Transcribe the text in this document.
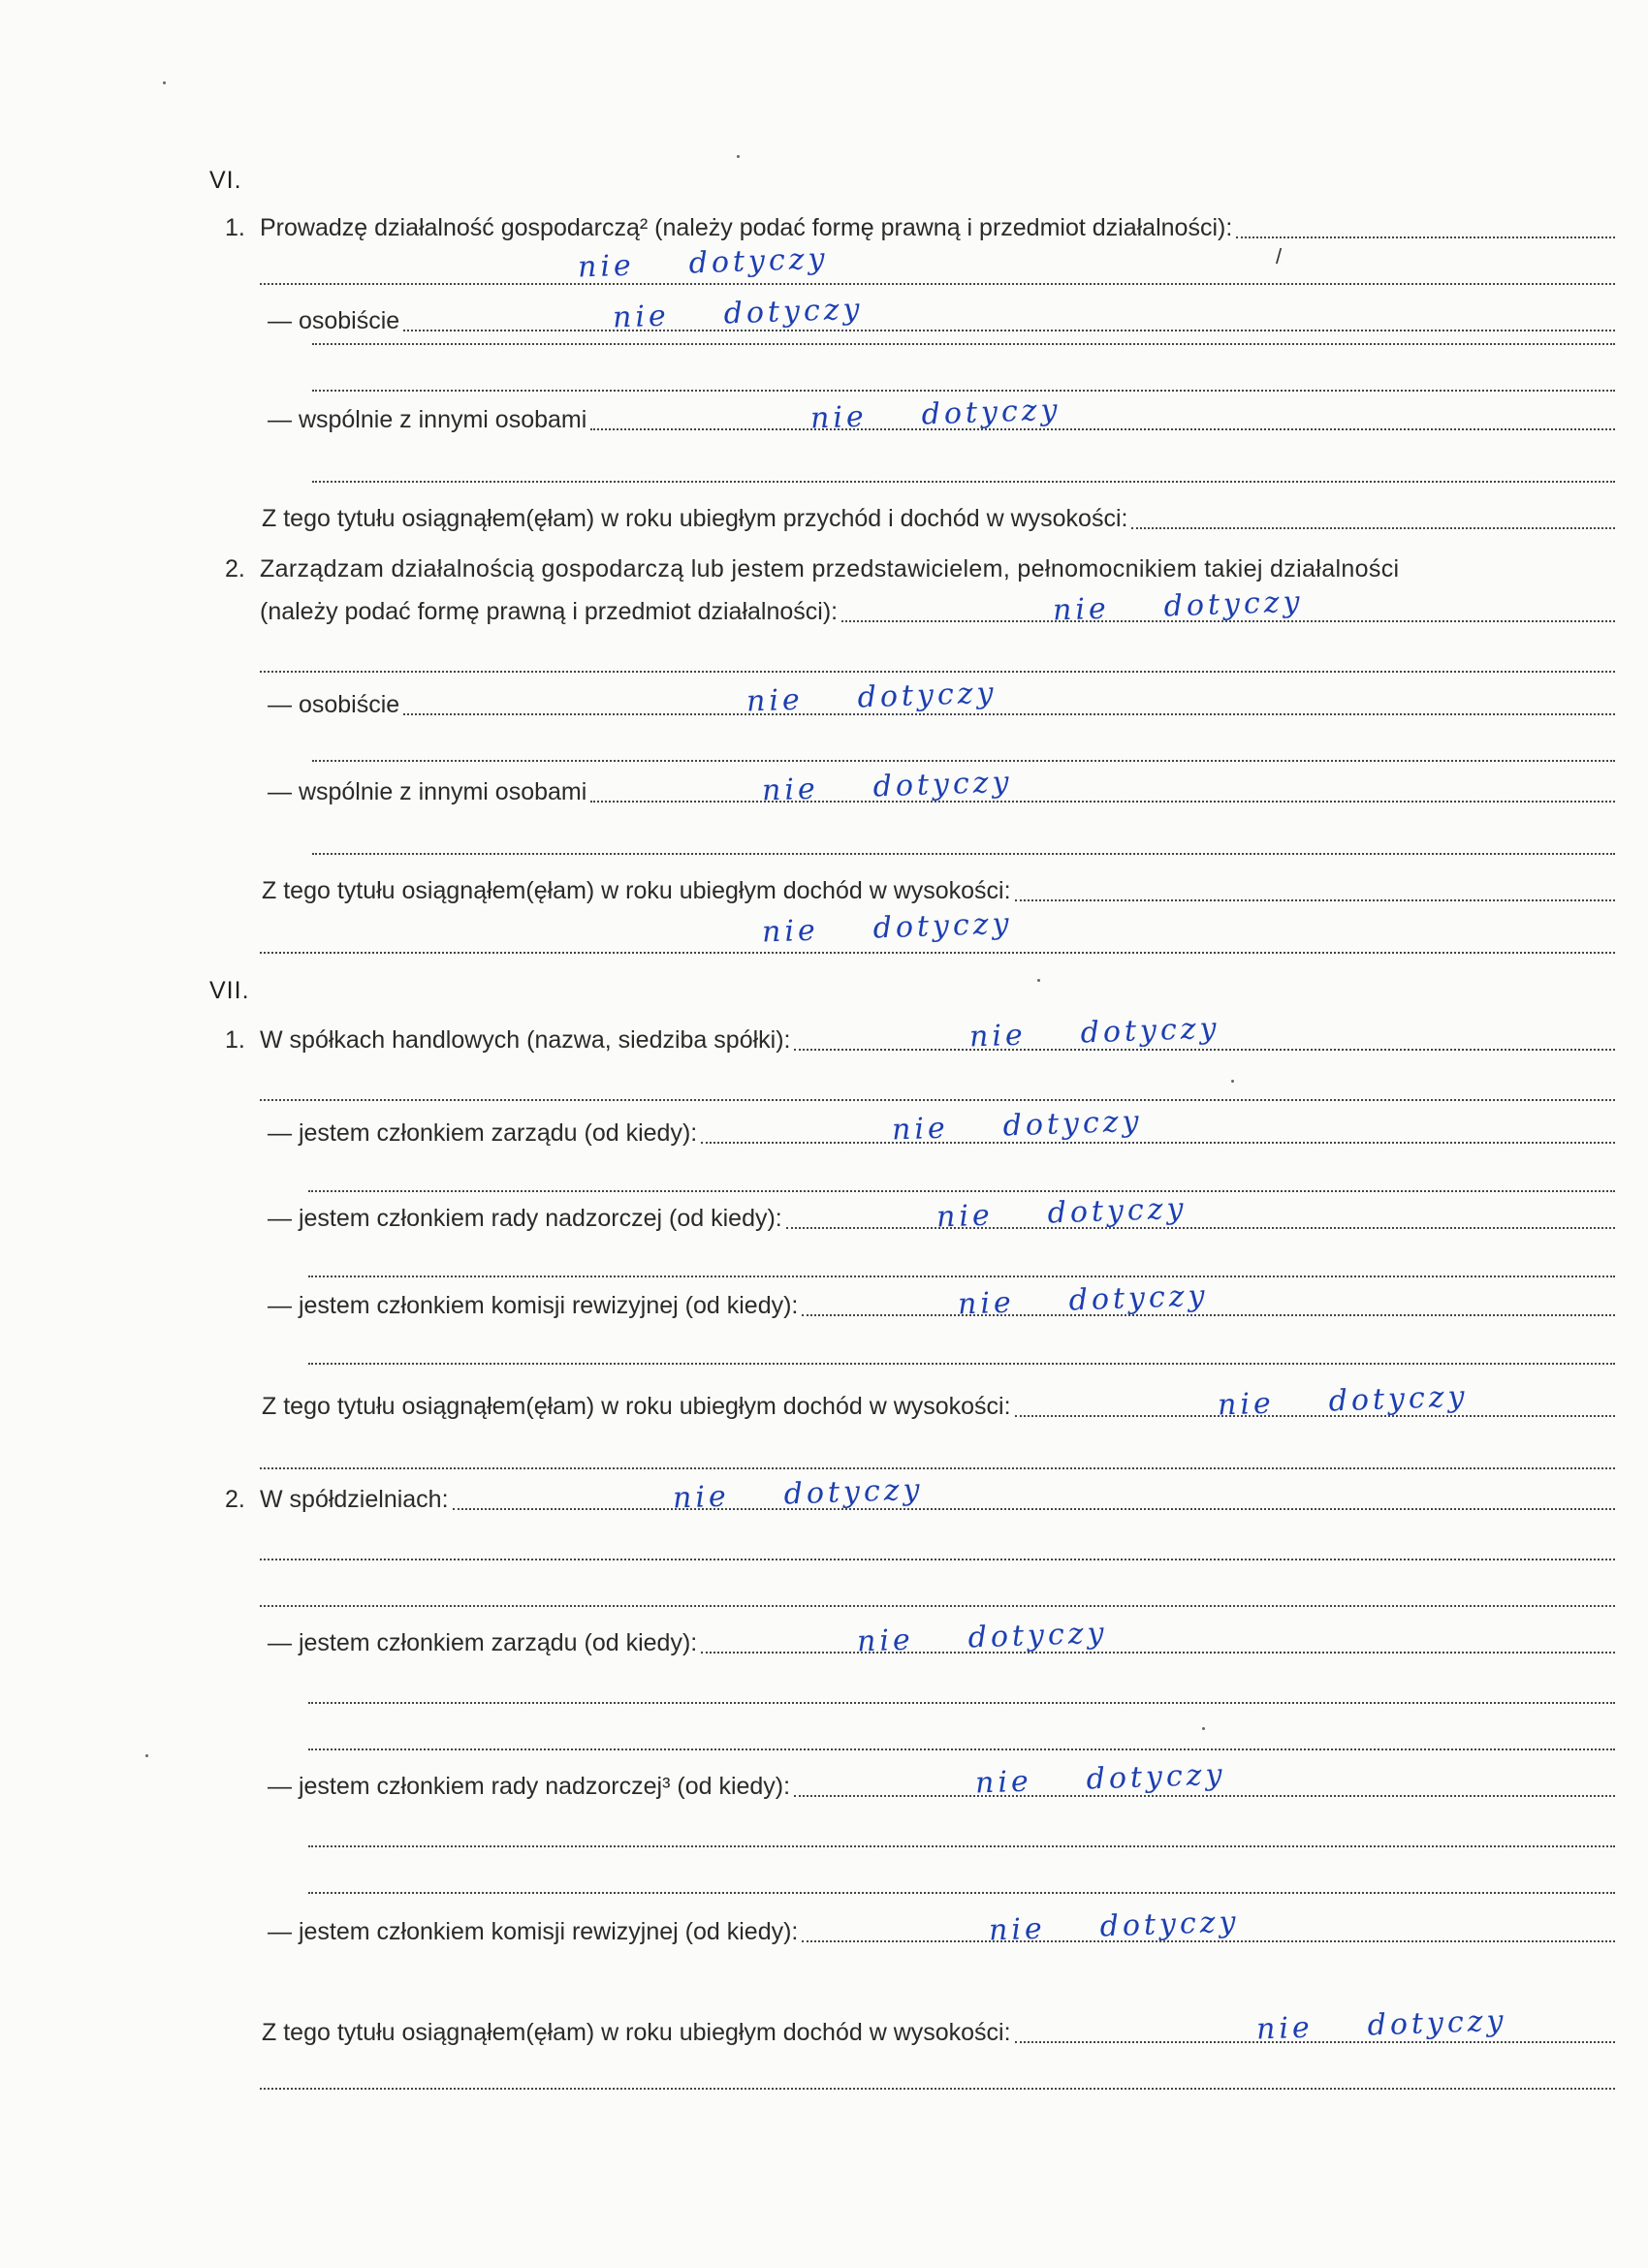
VI.
1. Prowadzę działalność gospodarczą² (należy podać formę prawną i przedmiot działalności):
/
nie dotyczy
— osobiście	nie dotyczy
— wspólnie z innymi osobami	nie dotyczy
Z tego tytułu osiągnąłem(ęłam) w roku ubiegłym przychód i dochód w wysokości:
2. Zarządzam działalnością gospodarczą lub jestem przedstawicielem, pełnomocnikiem takiej działalności
(należy podać formę prawną i przedmiot działalności):	nie dotyczy
— osobiście	nie dotyczy
— wspólnie z innymi osobami	nie dotyczy
Z tego tytułu osiągnąłem(ęłam) w roku ubiegłym dochód w wysokości:
nie dotyczy
VII.
1. W spółkach handlowych (nazwa, siedziba spółki):	nie dotyczy
— jestem członkiem zarządu (od kiedy):	nie dotyczy
— jestem członkiem rady nadzorczej (od kiedy):	nie dotyczy
— jestem członkiem komisji rewizyjnej (od kiedy):	nie dotyczy
Z tego tytułu osiągnąłem(ęłam) w roku ubiegłym dochód w wysokości:	nie dotyczy
2. W spółdzielniach:	nie dotyczy
— jestem członkiem zarządu (od kiedy):	nie dotyczy
— jestem członkiem rady nadzorczej³ (od kiedy):	nie dotyczy
— jestem członkiem komisji rewizyjnej (od kiedy):	nie dotyczy
Z tego tytułu osiągnąłem(ęłam) w roku ubiegłym dochód w wysokości:	nie dotyczy
